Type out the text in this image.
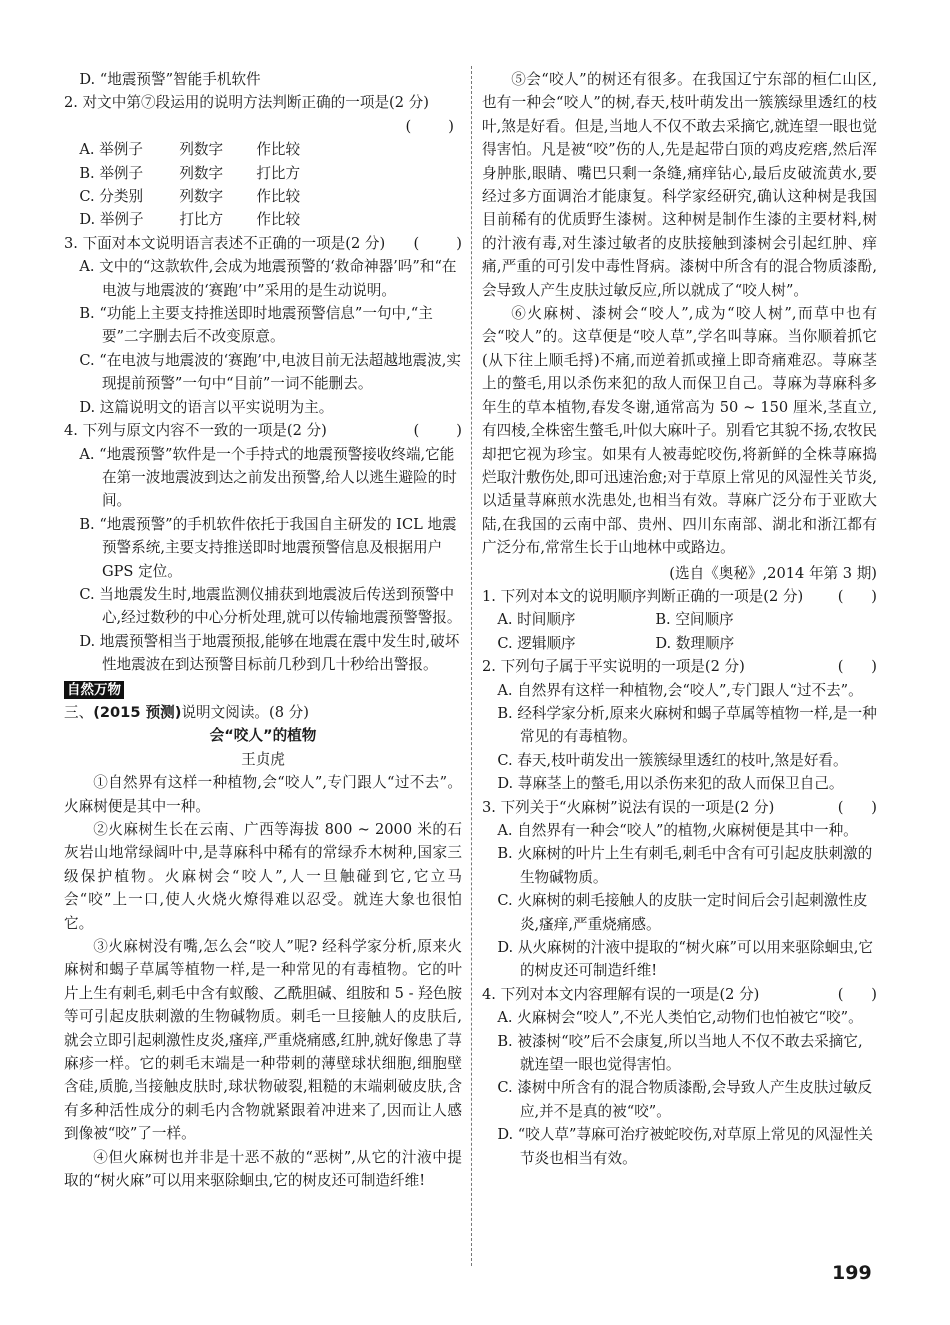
D. “地震预警”智能手机软件

2. 对文中第⑦段运用的说明方法判断正确的一项是(2 分)

(        )

A. 举例子	列数字	作比较
B. 举例子	列数字	打比方
C. 分类别	列数字	作比较
D. 举例子	打比方	作比较
3. 下面对本文说明语言表述不正确的一项是(2 分) (        )

A. 文中的“这款软件,会成为地震预警的‘救命神器’吗”和“在电波与地震波的‘赛跑’中”采用的是生动说明。

B. “功能上主要支持推送即时地震预警信息”一句中,“主要”二字删去后不改变原意。

C. “在电波与地震波的‘赛跑’中,电波目前无法超越地震波,实现提前预警”一句中“目前”一词不能删去。

D. 这篇说明文的语言以平实说明为主。

4. 下列与原文内容不一致的一项是(2 分)	(        )

A. “地震预警”软件是一个手持式的地震预警接收终端,它能在第一波地震波到达之前发出预警,给人以逃生避险的时间。

B. “地震预警”的手机软件依托于我国自主研发的 ICL 地震预警系统,主要支持推送即时地震预警信息及根据用户 GPS 定位。

C. 当地震发生时,地震监测仪捕获到地震波后传送到预警中心,经过数秒的中心分析处理,就可以传输地震预警警报。

D. 地震预警相当于地震预报,能够在地震在震中发生时,破坏性地震波在到达预警目标前几秒到几十秒给出警报。

自然万物

三、(2015 预测)说明文阅读。(8 分)

会“咬人”的植物

王贞虎

①自然界有这样一种植物,会“咬人”,专门跟人“过不去”。火麻树便是其中一种。

②火麻树生长在云南、广西等海拔 800 ~ 2000 米的石灰岩山地常绿阔叶中,是荨麻科中稀有的常绿乔木树种,国家三级保护植物。火麻树会“咬人”,人一旦触碰到它,它立马会“咬”上一口,使人火烧火燎得难以忍受。就连大象也很怕它。

③火麻树没有嘴,怎么会“咬人”呢? 经科学家分析,原来火麻树和蝎子草属等植物一样,是一种常见的有毒植物。它的叶片上生有刺毛,刺毛中含有蚁酸、乙酰胆碱、组胺和 5 - 羟色胺等可引起皮肤刺激的生物碱物质。刺毛一旦接触人的皮肤后,就会立即引起刺激性皮炎,瘙痒,严重烧痛感,红肿,就好像患了荨麻疹一样。它的刺毛末端是一种带刺的薄壁球状细胞,细胞壁含硅,质脆,当接触皮肤时,球状物破裂,粗糙的末端刺破皮肤,含有多种活性成分的刺毛内含物就紧跟着冲进来了,因而让人感到像被“咬”了一样。

④但火麻树也并非是十恶不赦的“恶树”,从它的汁液中提取的“树火麻”可以用来驱除蛔虫,它的树皮还可制造纤维!

⑤会“咬人”的树还有很多。在我国辽宁东部的桓仁山区,也有一种会“咬人”的树,春天,枝叶萌发出一簇簇绿里透红的枝叶,煞是好看。但是,当地人不仅不敢去采摘它,就连望一眼也觉得害怕。凡是被“咬”伤的人,先是起带白顶的鸡皮疙瘩,然后浑身肿胀,眼睛、嘴巴只剩一条缝,痛痒钻心,最后皮破流黄水,要经过多方面调治才能康复。科学家经研究,确认这种树是我国目前稀有的优质野生漆树。这种树是制作生漆的主要材料,树的汁液有毒,对生漆过敏者的皮肤接触到漆树会引起红肿、痒痛,严重的可引发中毒性肾病。漆树中所含有的混合物质漆酚,会导致人产生皮肤过敏反应,所以就成了“咬人树”。

⑥火麻树、漆树会“咬人”,成为“咬人树”,而草中也有会“咬人”的。这草便是“咬人草”,学名叫荨麻。当你顺着抓它(从下往上顺毛捋)不痛,而逆着抓或撞上即奇痛难忍。荨麻茎上的螫毛,用以杀伤来犯的敌人而保卫自己。荨麻为荨麻科多年生的草本植物,春发冬谢,通常高为 50 ~ 150 厘米,茎直立,有四棱,全株密生螫毛,叶似大麻叶子。别看它其貌不扬,农牧民却把它视为珍宝。如果有人被毒蛇咬伤,将新鲜的全株荨麻捣烂取汁敷伤处,即可迅速治愈;对于草原上常见的风湿性关节炎,以适量荨麻煎水洗患处,也相当有效。荨麻广泛分布于亚欧大陆,在我国的云南中部、贵州、四川东南部、湖北和浙江都有广泛分布,常常生长于山地林中或路边。

(选自《奥秘》,2014 年第 3 期)

1. 下列对本文的说明顺序判断正确的一项是(2 分) (      )
A. 时间顺序	B. 空间顺序
C. 逻辑顺序	D. 数理顺序
2. 下列句子属于平实说明的一项是(2 分)	(      )

A. 自然界有这样一种植物,会“咬人”,专门跟人“过不去”。

B. 经科学家分析,原来火麻树和蝎子草属等植物一样,是一种常见的有毒植物。

C. 春天,枝叶萌发出一簇簇绿里透红的枝叶,煞是好看。

D. 荨麻茎上的螫毛,用以杀伤来犯的敌人而保卫自己。

3. 下列关于“火麻树”说法有误的一项是(2 分)	(      )

A. 自然界有一种会“咬人”的植物,火麻树便是其中一种。

B. 火麻树的叶片上生有刺毛,刺毛中含有可引起皮肤刺激的生物碱物质。

C. 火麻树的刺毛接触人的皮肤一定时间后会引起刺激性皮炎,瘙痒,严重烧痛感。

D. 从火麻树的汁液中提取的“树火麻”可以用来驱除蛔虫,它的树皮还可制造纤维!

4. 下列对本文内容理解有误的一项是(2 分)	(      )

A. 火麻树会“咬人”,不光人类怕它,动物们也怕被它“咬”。

B. 被漆树“咬”后不会康复,所以当地人不仅不敢去采摘它,就连望一眼也觉得害怕。

C. 漆树中所含有的混合物质漆酚,会导致人产生皮肤过敏反应,并不是真的被“咬”。

D. “咬人草”荨麻可治疗被蛇咬伤,对草原上常见的风湿性关节炎也相当有效。

199
